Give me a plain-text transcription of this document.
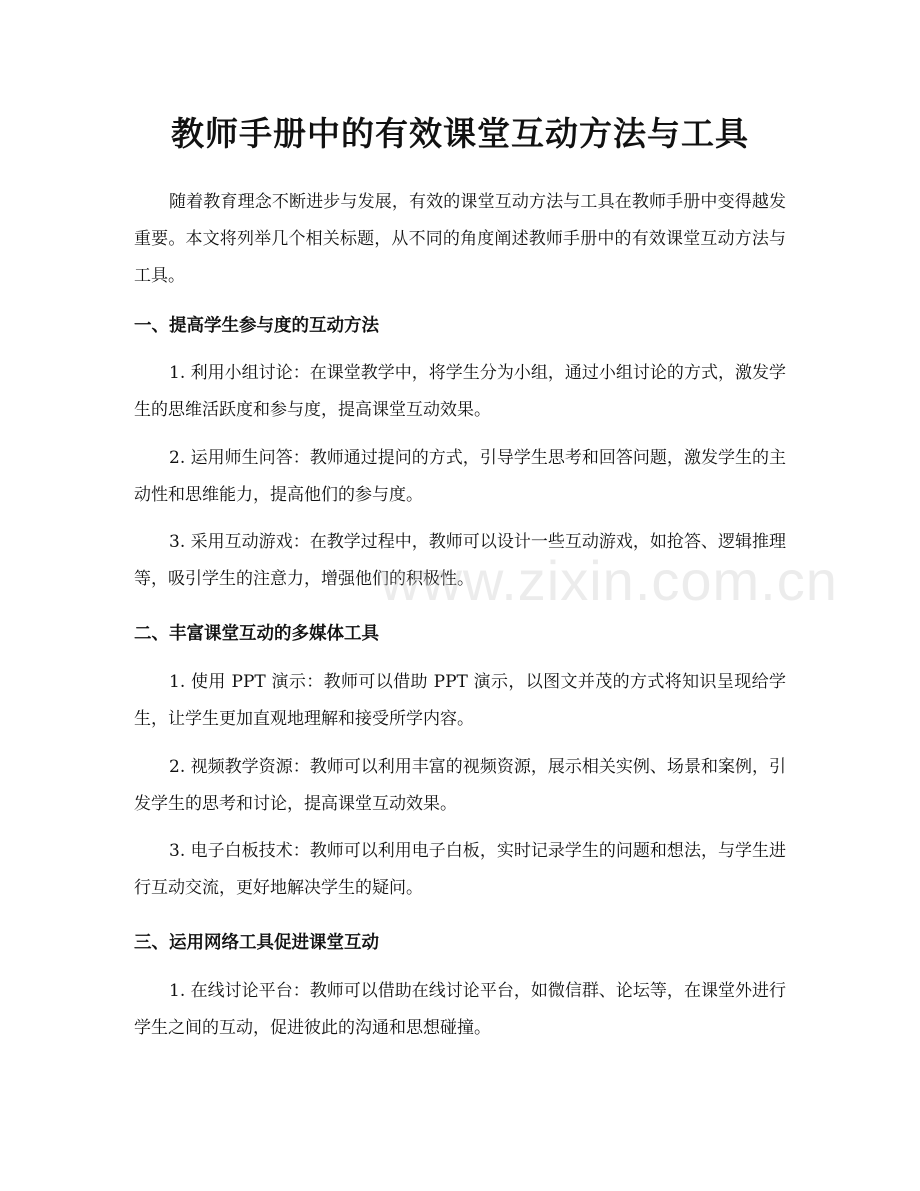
教师手册中的有效课堂互动方法与工具

随着教育理念不断进步与发展，有效的课堂互动方法与工具在教师手册中变得越发重要。本文将列举几个相关标题，从不同的角度阐述教师手册中的有效课堂互动方法与工具。

一、提高学生参与度的互动方法

1. 利用小组讨论：在课堂教学中，将学生分为小组，通过小组讨论的方式，激发学生的思维活跃度和参与度，提高课堂互动效果。

2. 运用师生问答：教师通过提问的方式，引导学生思考和回答问题，激发学生的主动性和思维能力，提高他们的参与度。

3. 采用互动游戏：在教学过程中，教师可以设计一些互动游戏，如抢答、逻辑推理等，吸引学生的注意力，增强他们的积极性。

二、丰富课堂互动的多媒体工具

1. 使用 PPT 演示：教师可以借助 PPT 演示，以图文并茂的方式将知识呈现给学生，让学生更加直观地理解和接受所学内容。

2. 视频教学资源：教师可以利用丰富的视频资源，展示相关实例、场景和案例，引发学生的思考和讨论，提高课堂互动效果。

3. 电子白板技术：教师可以利用电子白板，实时记录学生的问题和想法，与学生进行互动交流，更好地解决学生的疑问。

三、运用网络工具促进课堂互动

1. 在线讨论平台：教师可以借助在线讨论平台，如微信群、论坛等，在课堂外进行学生之间的互动，促进彼此的沟通和思想碰撞。

www.zixin.com.cn
